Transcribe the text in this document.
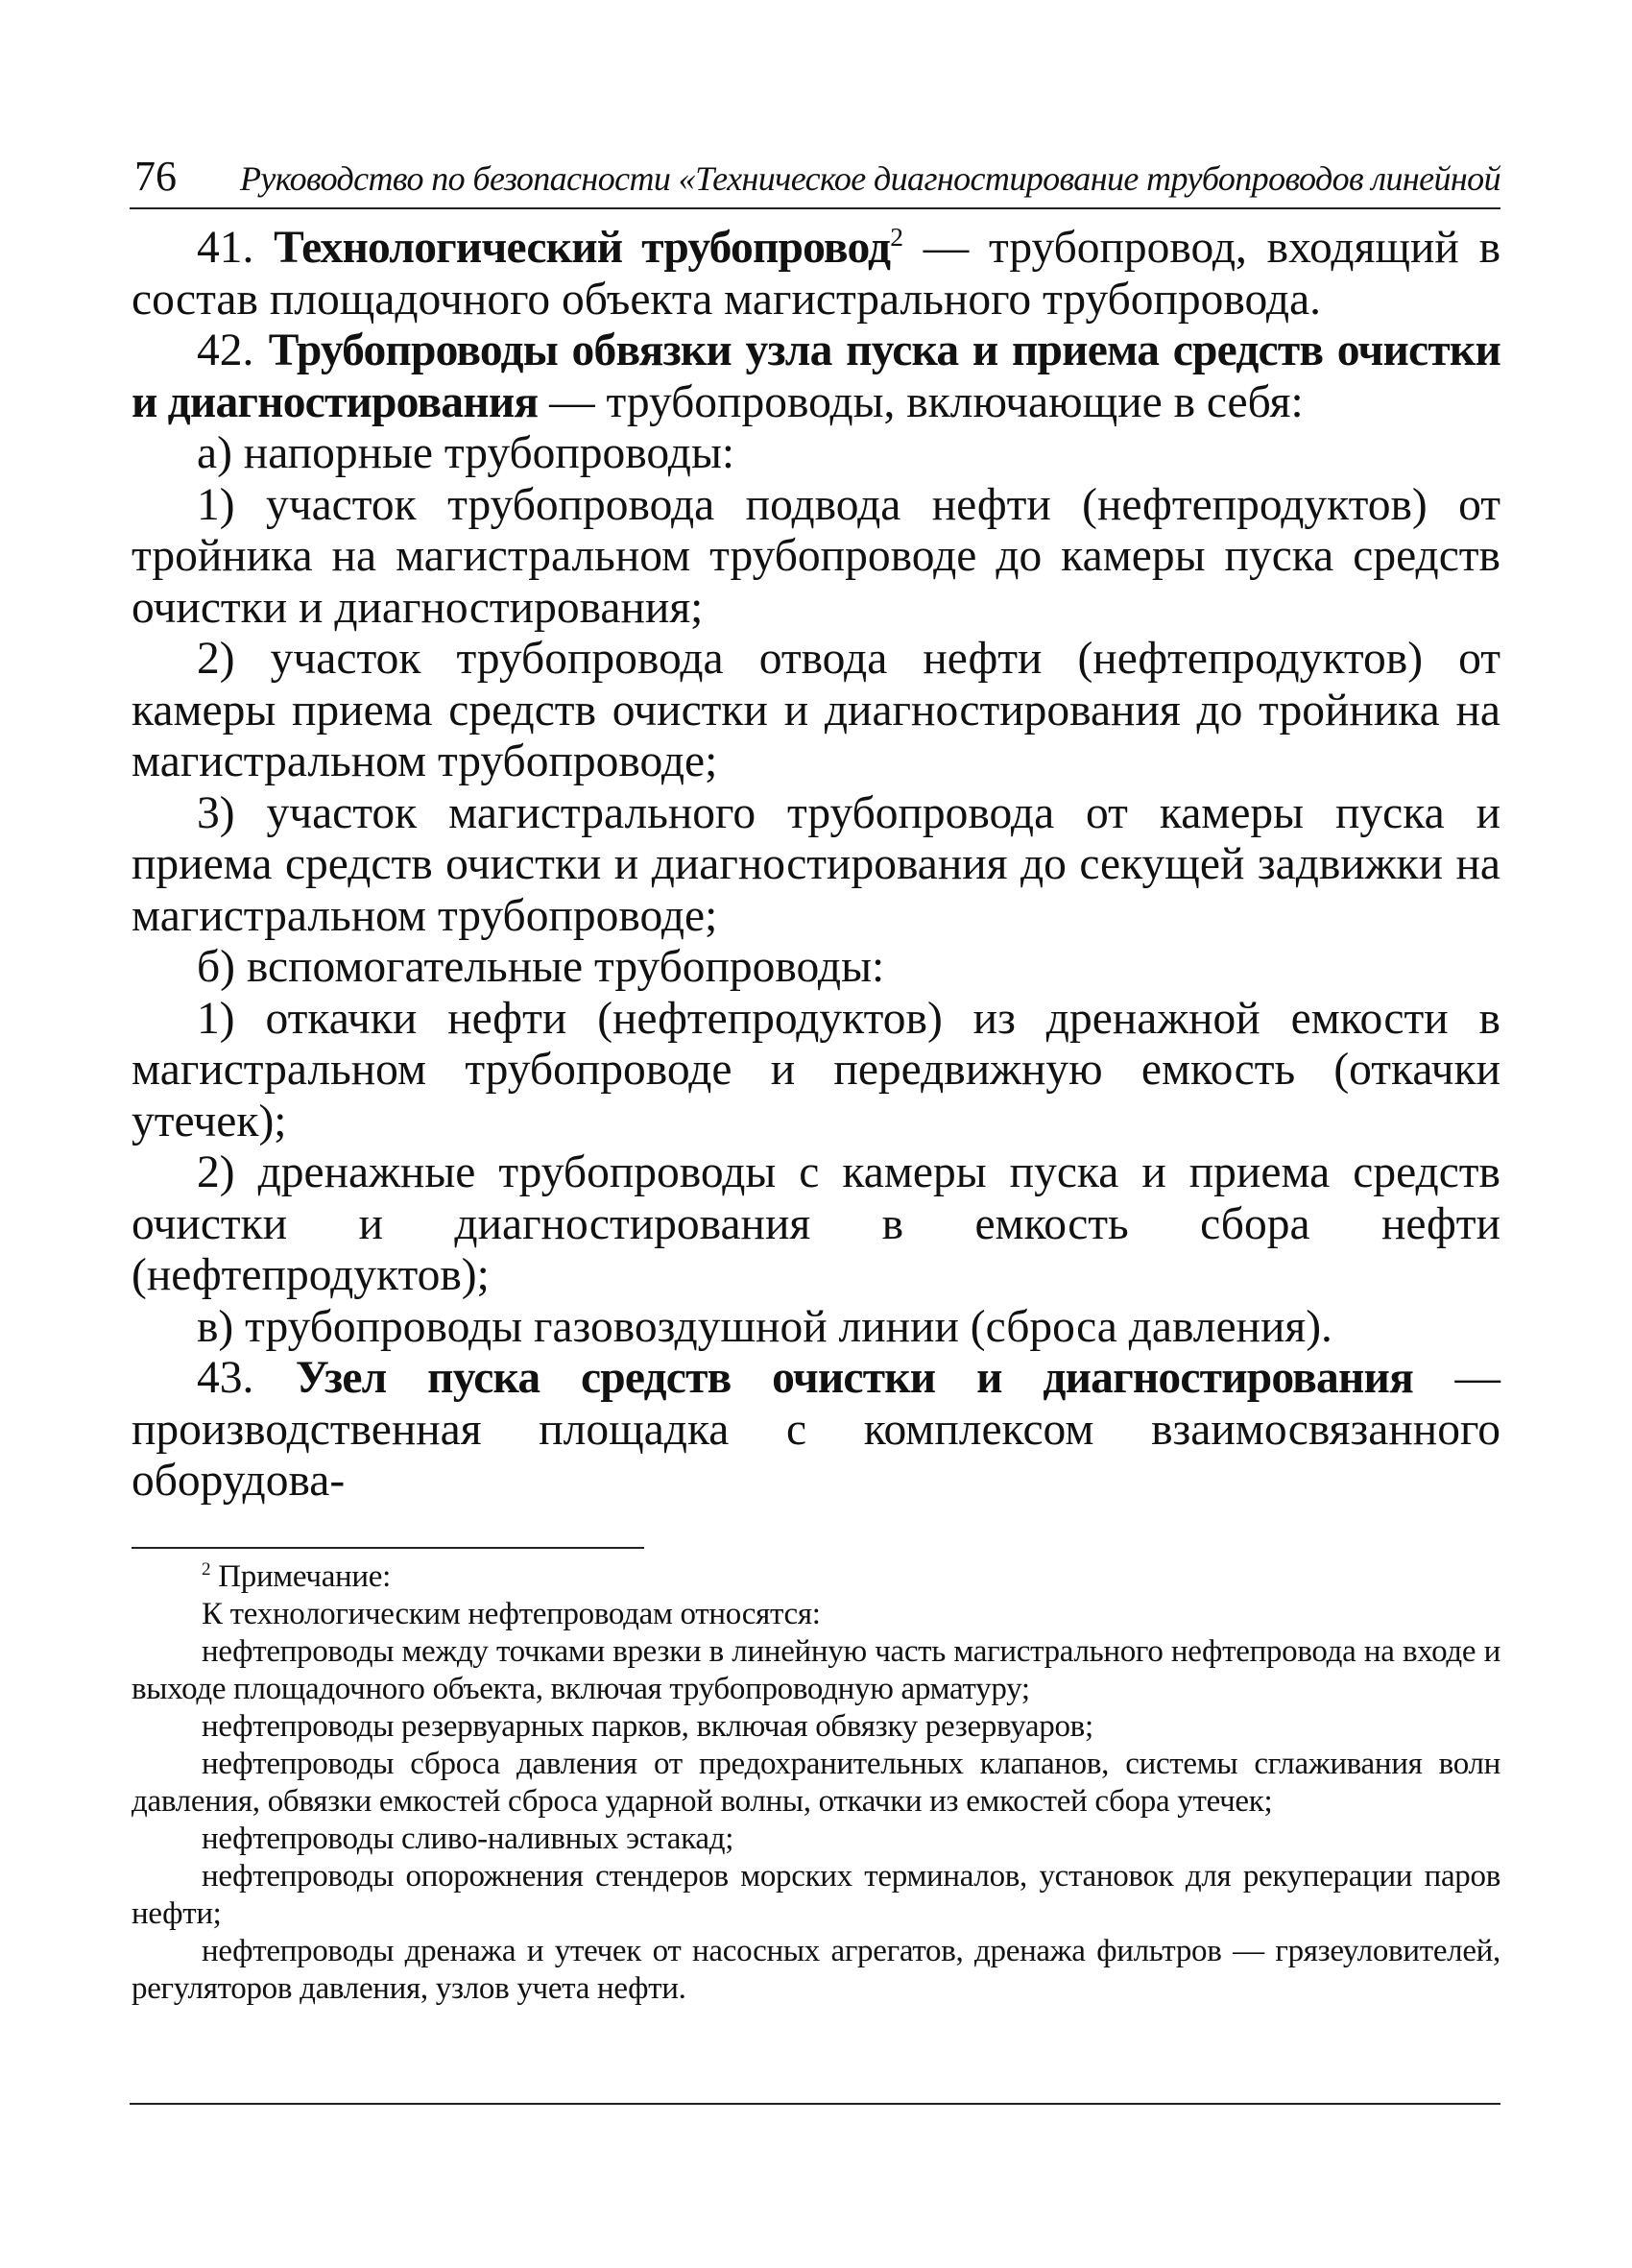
76 Руководство по безопасности «Техническое диагностирование трубопроводов линейной

41. Технологический трубопровод$^2$ — трубопровод, входящий в состав площадочного объекта магистрального трубопровода.

42. Трубопроводы обвязки узла пуска и приема средств очистки и диагностирования — трубопроводы, включающие в себя:

а) напорные трубопроводы:

1) участок трубопровода подвода нефти (нефтепродуктов) от тройника на магистральном трубопроводе до камеры пуска средств очистки и диагностирования;

2) участок трубопровода отвода нефти (нефтепродуктов) от камеры приема средств очистки и диагностирования до тройника на магистральном трубопроводе;

3) участок магистрального трубопровода от камеры пуска и приема средств очистки и диагностирования до секущей задвижки на магистральном трубопроводе;

б) вспомогательные трубопроводы:

1) откачки нефти (нефтепродуктов) из дренажной емкости в магистральном трубопроводе и передвижную емкость (откачки утечек);

2) дренажные трубопроводы с камеры пуска и приема средств очистки и диагностирования в емкость сбора нефти (нефтепродуктов);

в) трубопроводы газовоздушной линии (сброса давления).

43. Узел пуска средств очистки и диагностирования — производственная площадка с комплексом взаимосвязанного оборудова-

$^2$ Примечание:

К технологическим нефтепроводам относятся:

нефтепроводы между точками врезки в линейную часть магистрального нефтепровода на входе и выходе площадочного объекта, включая трубопроводную арматуру;

нефтепроводы резервуарных парков, включая обвязку резервуаров;

нефтепроводы сброса давления от предохранительных клапанов, системы сглаживания волн давления, обвязки емкостей сброса ударной волны, откачки из емкостей сбора утечек;

нефтепроводы сливо-наливных эстакад;

нефтепроводы опорожнения стендеров морских терминалов, установок для рекуперации паров нефти;

нефтепроводы дренажа и утечек от насосных агрегатов, дренажа фильтров — грязеуловителей, регуляторов давления, узлов учета нефти.
